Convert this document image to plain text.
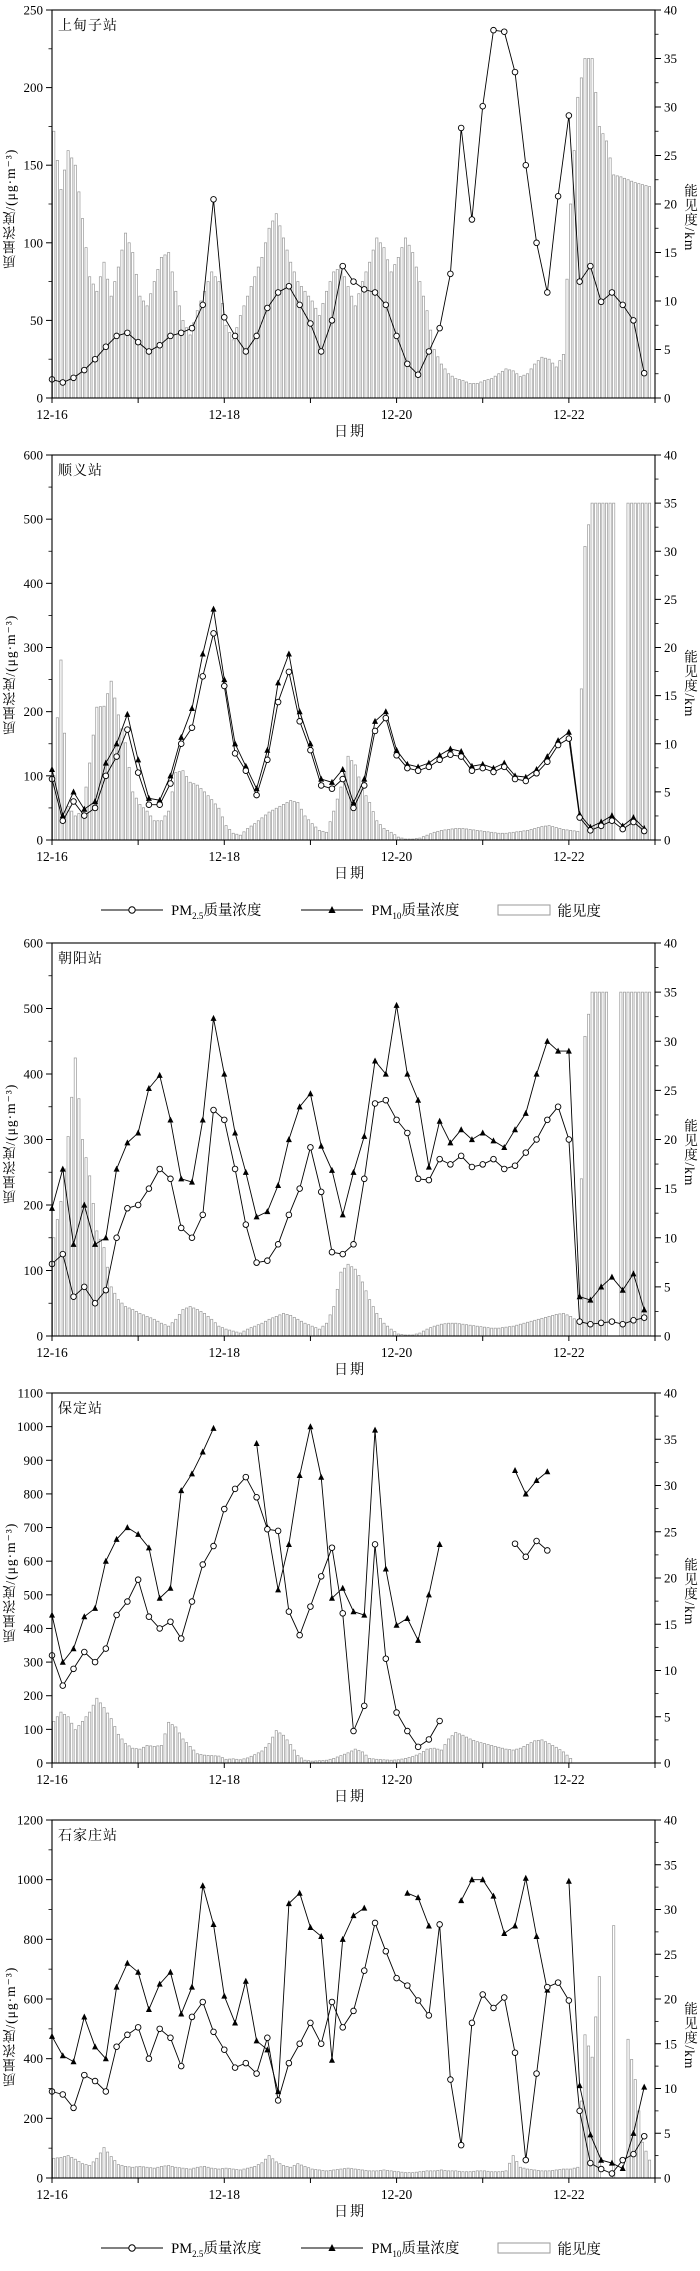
0
50
100
150
200
250
0
5
10
15
20
25
30
35
40
12-16	12-18	12-20	12-22
上甸子站
质量浓度/(μg·m⁻³)	能见度/km
日期
0
100
200
300
400
500
600
0
5
10
15
20
25
30
35
40
12-16	12-18	12-20	12-22
顺义站
质量浓度/(μg·m⁻³)	能见度/km
日期
$PM_{2.5}$质量浓度	$PM_{10}$质量浓度	能见度
0
100
200
300
400
500
600
0
5
10
15
20
25
30
35
40
12-16	12-18	12-20	12-22
朝阳站
质量浓度/(μg·m⁻³)	能见度/km
日期
0
100
200
300
400
500
600
700
800
900
1000
1100
0
5
10
15
20
25
30
35
40
12-16	12-18	12-20	12-22
保定站
质量浓度/(μg·m⁻³)	能见度/km
日期
0
200
400
600
800
1000
1200
0
5
10
15
20
25
30
35
40
12-16	12-18	12-20	12-22
石家庄站
质量浓度/(μg·m⁻³)	能见度/km
日期
$PM_{2.5}$质量浓度	$PM_{10}$质量浓度	能见度
